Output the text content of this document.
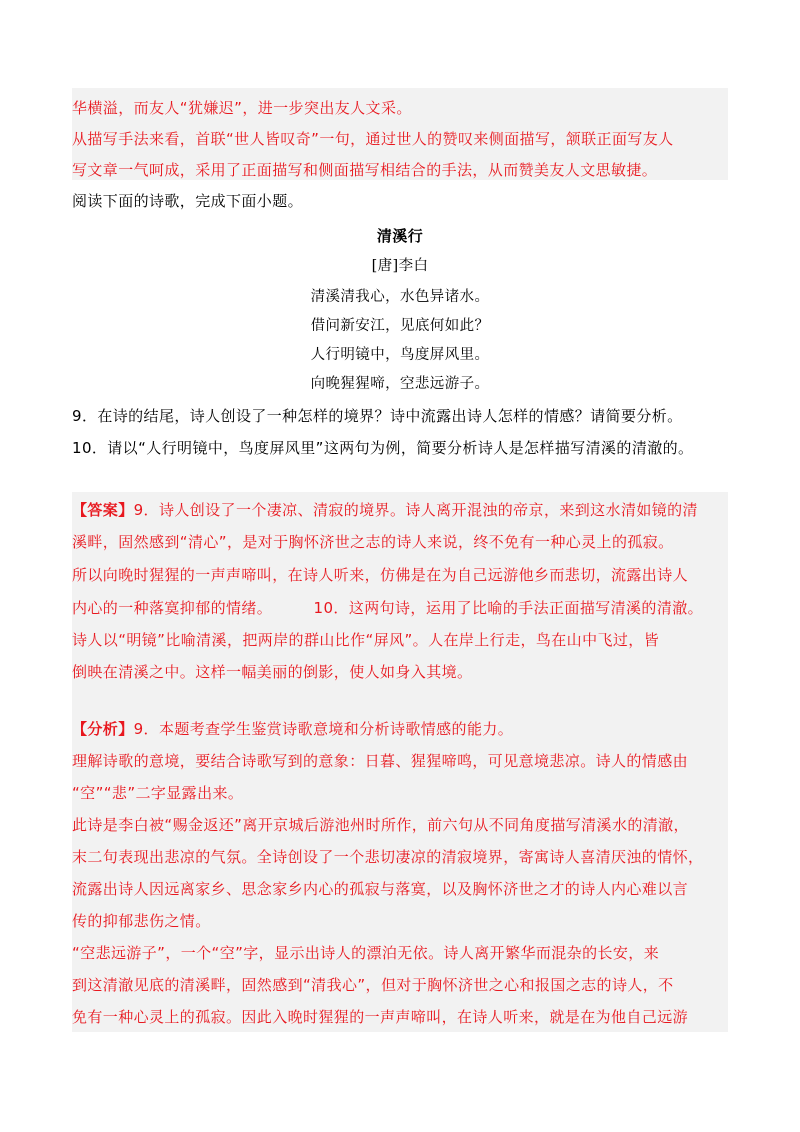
华横溢，而友人“犹嫌迟”，进一步突出友人文采。
从描写手法来看，首联“世人皆叹奇”一句，通过世人的赞叹来侧面描写，颔联正面写友人
写文章一气呵成，采用了正面描写和侧面描写相结合的手法，从而赞美友人文思敏捷。
阅读下面的诗歌，完成下面小题。
清溪行
[唐]李白
清溪清我心，水色异诸水。
借问新安江，见底何如此？
人行明镜中，鸟度屏风里。
向晚猩猩啼，空悲远游子。
9．在诗的结尾，诗人创设了一种怎样的境界？诗中流露出诗人怎样的情感？请简要分析。
10．请以“人行明镜中，鸟度屏风里”这两句为例，简要分析诗人是怎样描写清溪的清澈的。
【答案】9．诗人创设了一个凄凉、清寂的境界。诗人离开混浊的帝京，来到这水清如镜的清
溪畔，固然感到“清心”，是对于胸怀济世之志的诗人来说，终不免有一种心灵上的孤寂。
所以向晚时猩猩的一声声啼叫，在诗人听来，仿佛是在为自己远游他乡而悲切，流露出诗人
内心的一种落寞抑郁的情绪。        10．这两句诗，运用了比喻的手法正面描写清溪的清澈。
诗人以“明镜”比喻清溪，把两岸的群山比作“屏风”。人在岸上行走，鸟在山中飞过，皆
倒映在清溪之中。这样一幅美丽的倒影，使人如身入其境。
【分析】9．本题考查学生鉴赏诗歌意境和分析诗歌情感的能力。
理解诗歌的意境，要结合诗歌写到的意象：日暮、猩猩啼鸣，可见意境悲凉。诗人的情感由
“空”“悲”二字显露出来。
此诗是李白被“赐金返还”离开京城后游池州时所作，前六句从不同角度描写清溪水的清澈，
末二句表现出悲凉的气氛。全诗创设了一个悲切凄凉的清寂境界，寄寓诗人喜清厌浊的情怀，
流露出诗人因远离家乡、思念家乡内心的孤寂与落寞，以及胸怀济世之才的诗人内心难以言
传的抑郁悲伤之情。
“空悲远游子”，一个“空”字，显示出诗人的漂泊无依。诗人离开繁华而混杂的长安，来
到这清澈见底的清溪畔，固然感到“清我心”，但对于胸怀济世之心和报国之志的诗人，不
免有一种心灵上的孤寂。因此入晚时猩猩的一声声啼叫，在诗人听来，就是在为他自己远游
